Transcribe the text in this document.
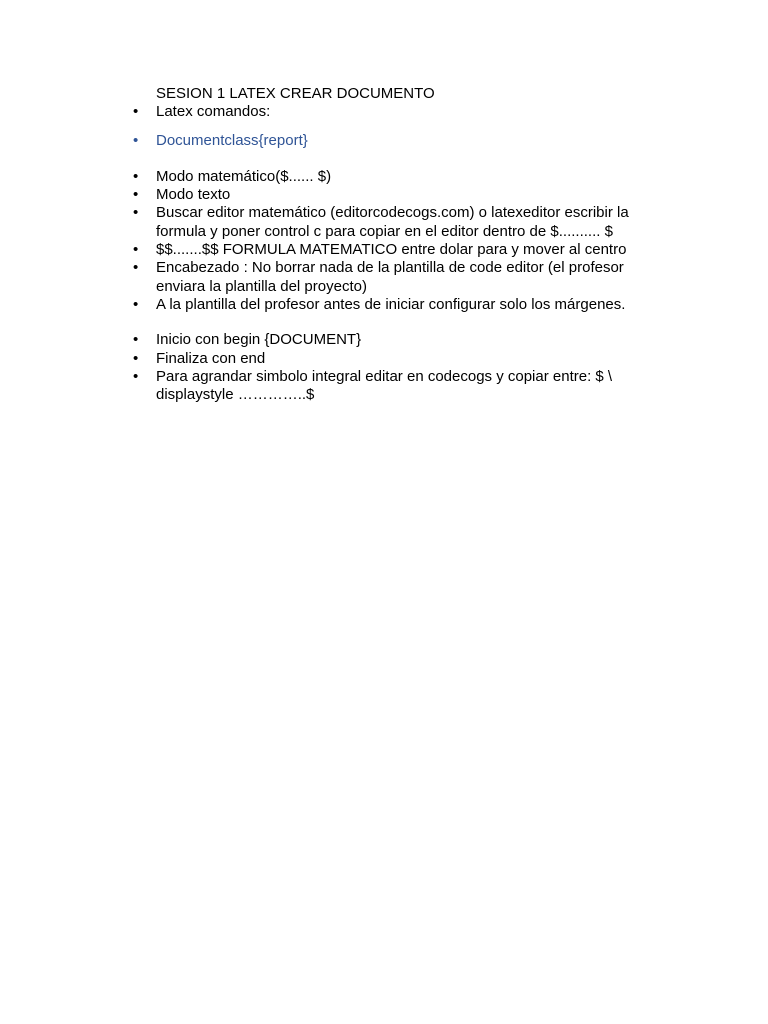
SESION 1 LATEX CREAR DOCUMENTO
• Latex comandos:
• Documentclass{report}
• Modo matemático($...... $)
• Modo texto
• Buscar editor matemático (editorcodecogs.com) o latexeditor escribir la formula y poner control c para copiar en el editor dentro de $.......... $
• $$.......$$ FORMULA MATEMATICO entre dolar para y mover al centro
• Encabezado : No borrar nada de la plantilla de code editor (el profesor enviara la plantilla del proyecto)
• A la plantilla del profesor antes de iniciar configurar solo los márgenes.
• Inicio con begin {DOCUMENT}
• Finaliza con end
• Para agrandar simbolo integral editar en codecogs y copiar entre: $ \ displaystyle …………..$
